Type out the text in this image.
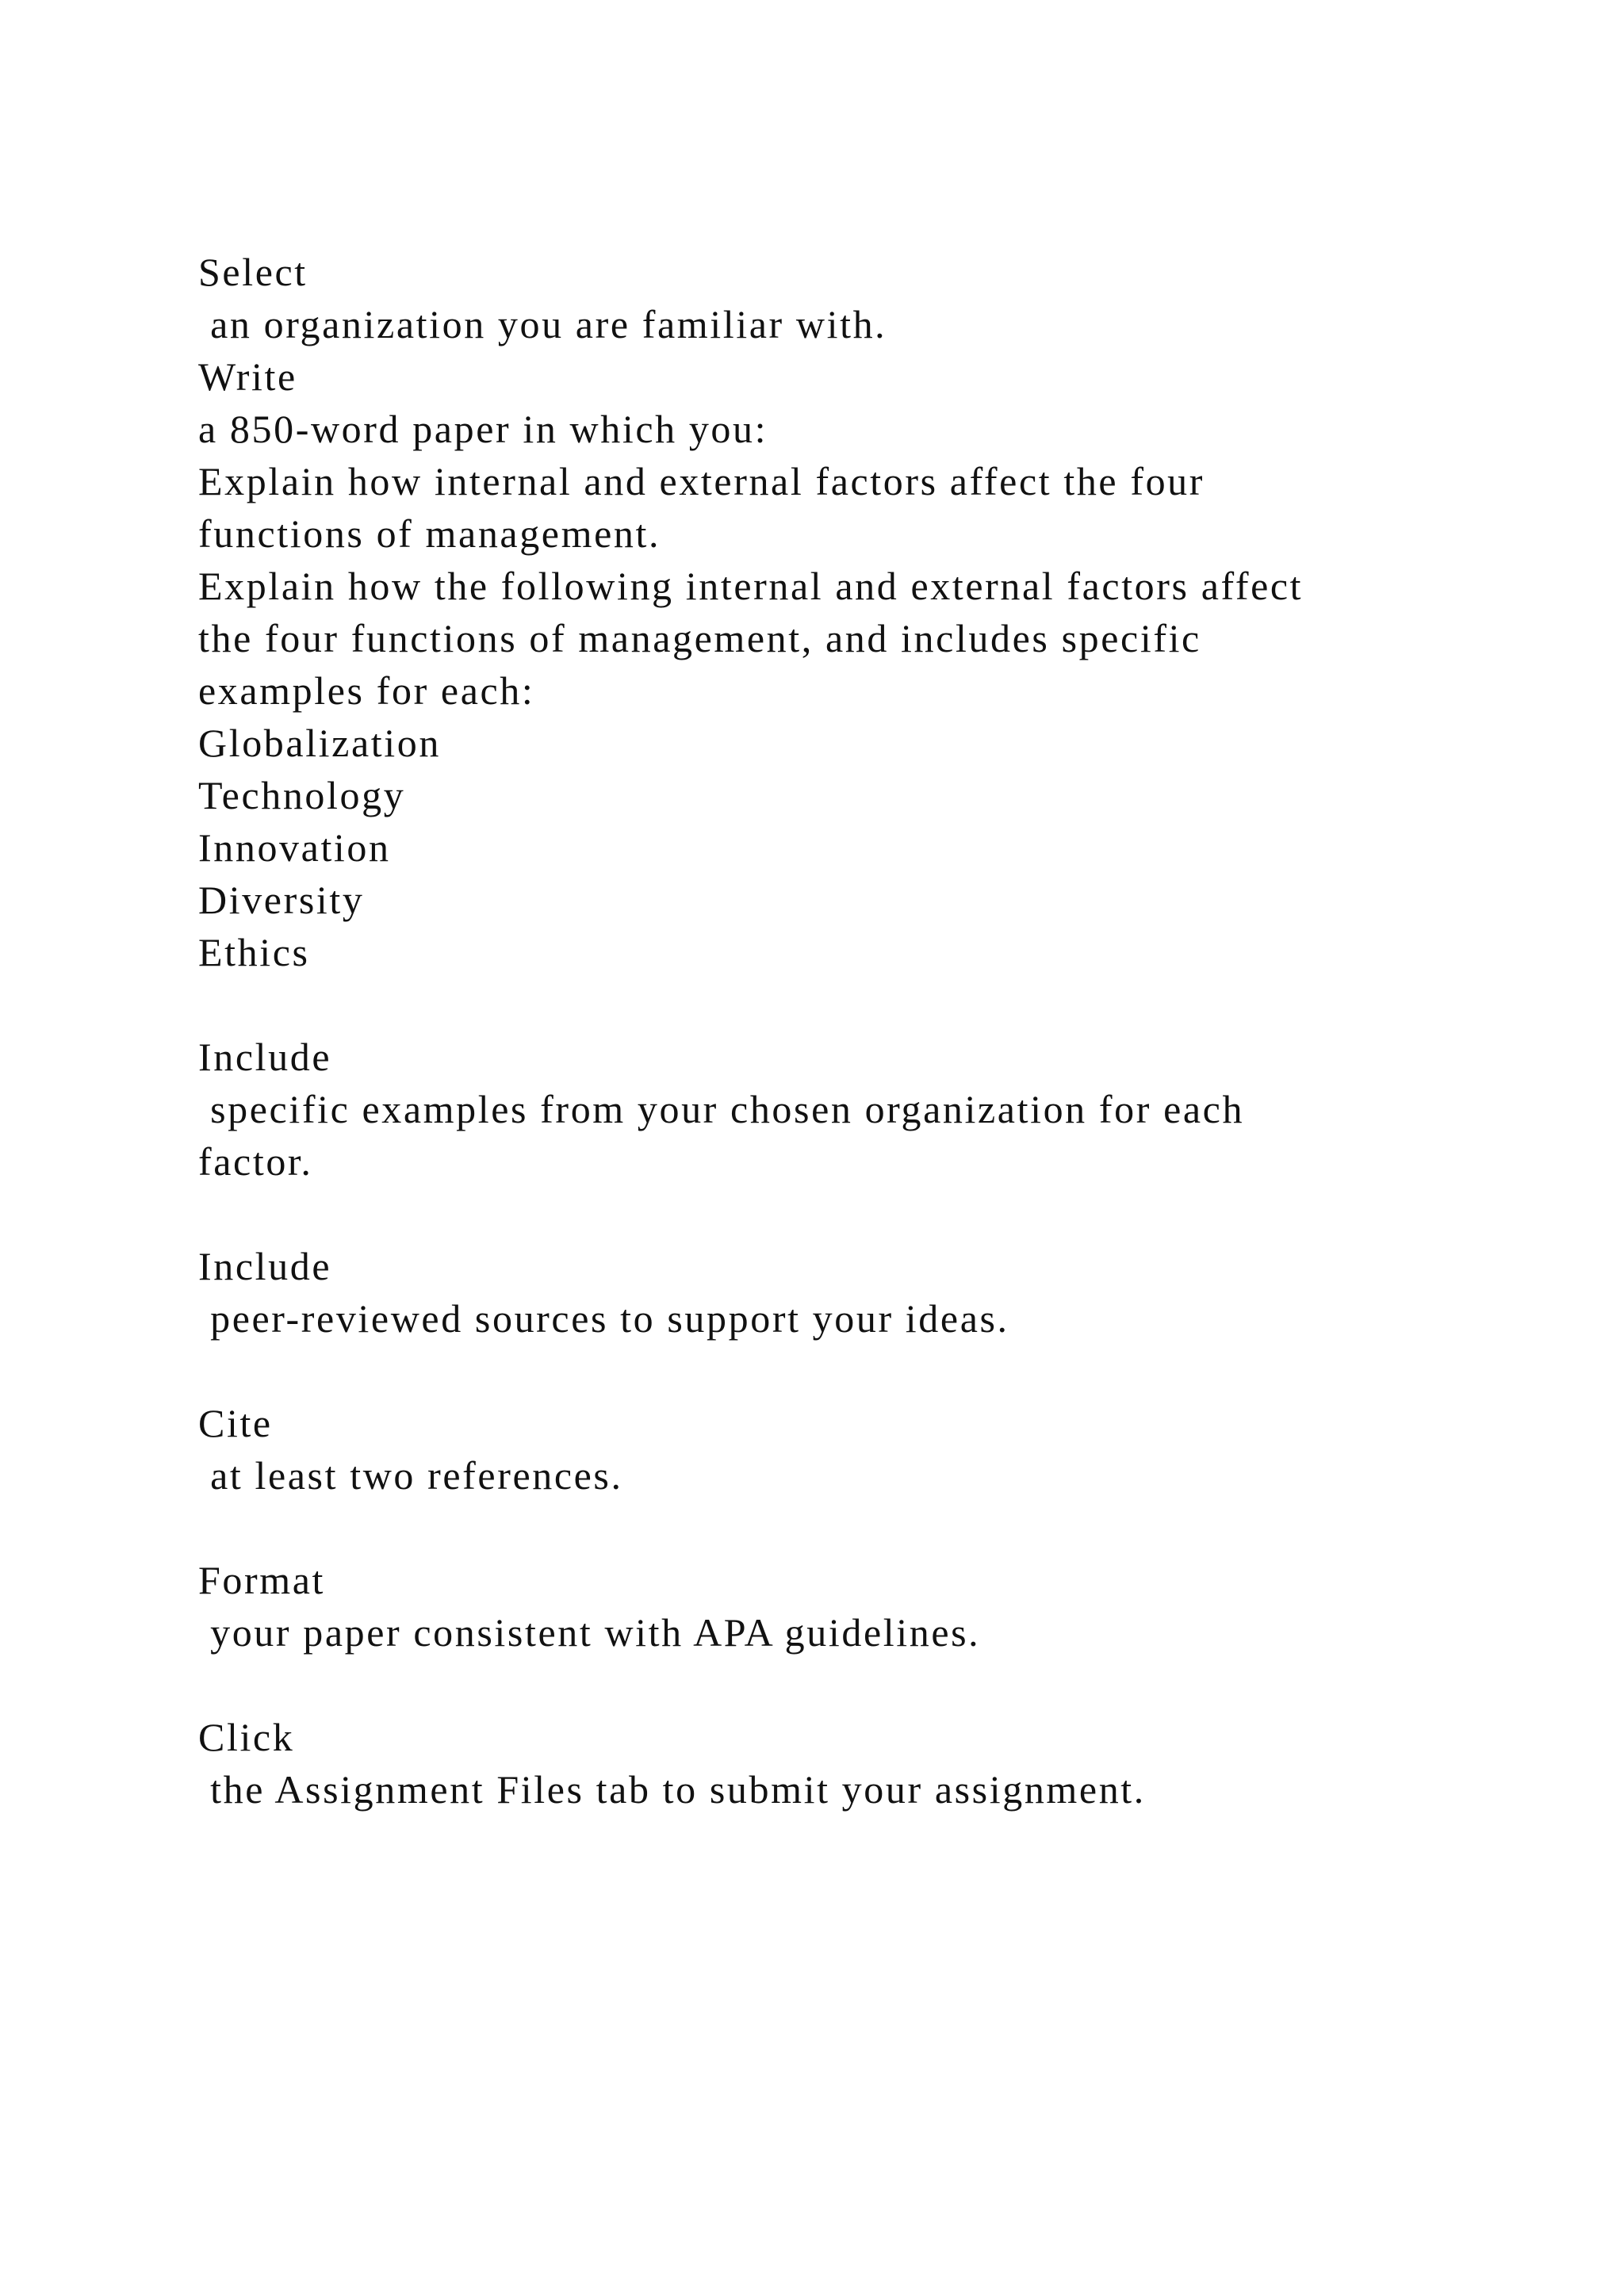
Select
an organization you are familiar with.
Write
a 850-word paper in which you:
Explain how internal and external factors affect the four
functions of management.
Explain how the following internal and external factors affect
the four functions of management, and includes specific
examples for each:
Globalization
Technology
Innovation
Diversity
Ethics
Include
specific examples from your chosen organization for each
factor.
Include
peer-reviewed sources to support your ideas.
Cite
at least two references.
Format
your paper consistent with APA guidelines.
Click
the Assignment Files tab to submit your assignment.
